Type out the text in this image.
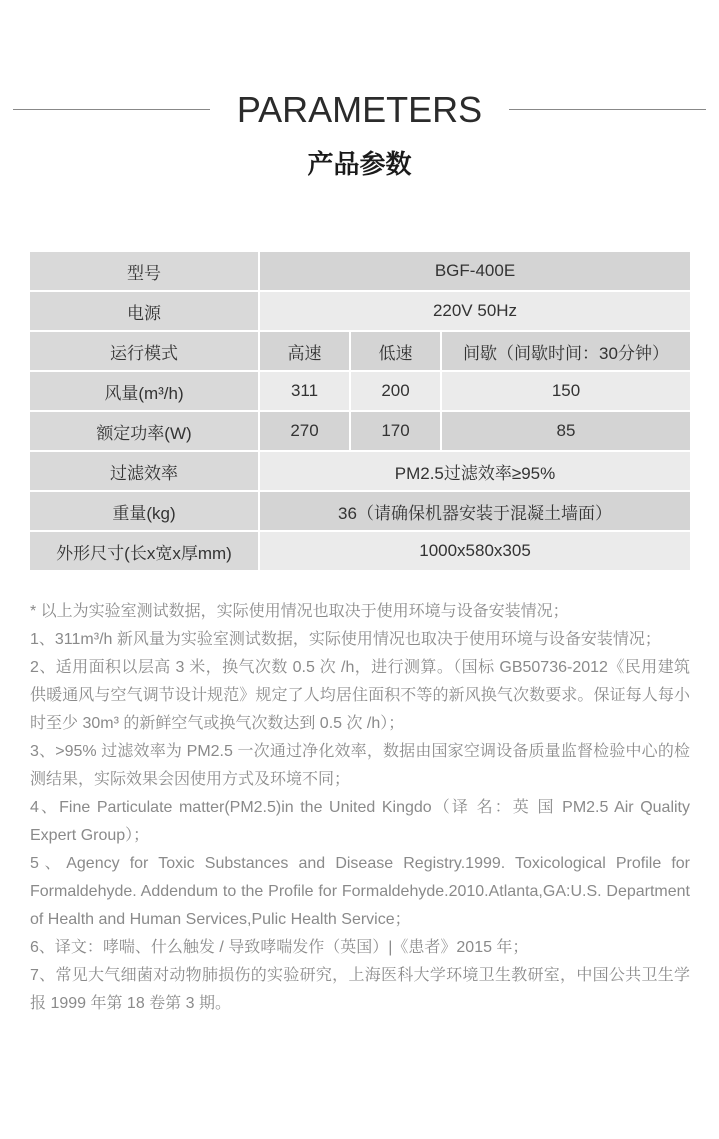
PARAMETERS
产品参数
型号	BGF-400E		
电源	220V 50Hz		
运行模式	高速	低速	间歇（间歇时间：30分钟）
风量(m³/h)	311	200	150
额定功率(W)	270	170	85
过滤效率	PM2.5过滤效率≥95%		
重量(kg)	36（请确保机器安装于混凝土墙面）		
外形尺寸(长x宽x厚mm)	1000x580x305		

* 以上为实验室测试数据，实际使用情况也取决于使用环境与设备安装情况；

1、311m³/h 新风量为实验室测试数据，实际使用情况也取决于使用环境与设备安装情况；

2、适用面积以层高 3 米，换气次数 0.5 次 /h，进行测算。（国标 GB50736-2012《民用建筑供暖通风与空气调节设计规范》规定了人均居住面积不等的新风换气次数要求。保证每人每小时至少 30m³ 的新鲜空气或换气次数达到 0.5 次 /h）；

3、>95% 过滤效率为 PM2.5 一次通过净化效率，数据由国家空调设备质量监督检验中心的检测结果，实际效果会因使用方式及环境不同；

4、Fine Particulate matter(PM2.5)in the United Kingdo（译 名：英 国 PM2.5 Air Quality Expert Group）；

5、Agency for Toxic Substances and Disease Registry.1999. Toxicological Profile for Formaldehyde. Addendum to the Profile for Formaldehyde.2010.Atlanta,GA:U.S. Department of Health and Human Services,Pulic Health Service；

6、译文：哮喘、什么触发 / 导致哮喘发作（英国）|《患者》2015 年；

7、常见大气细菌对动物肺损伤的实验研究，上海医科大学环境卫生教研室，中国公共卫生学报 1999 年第 18 卷第 3 期。
